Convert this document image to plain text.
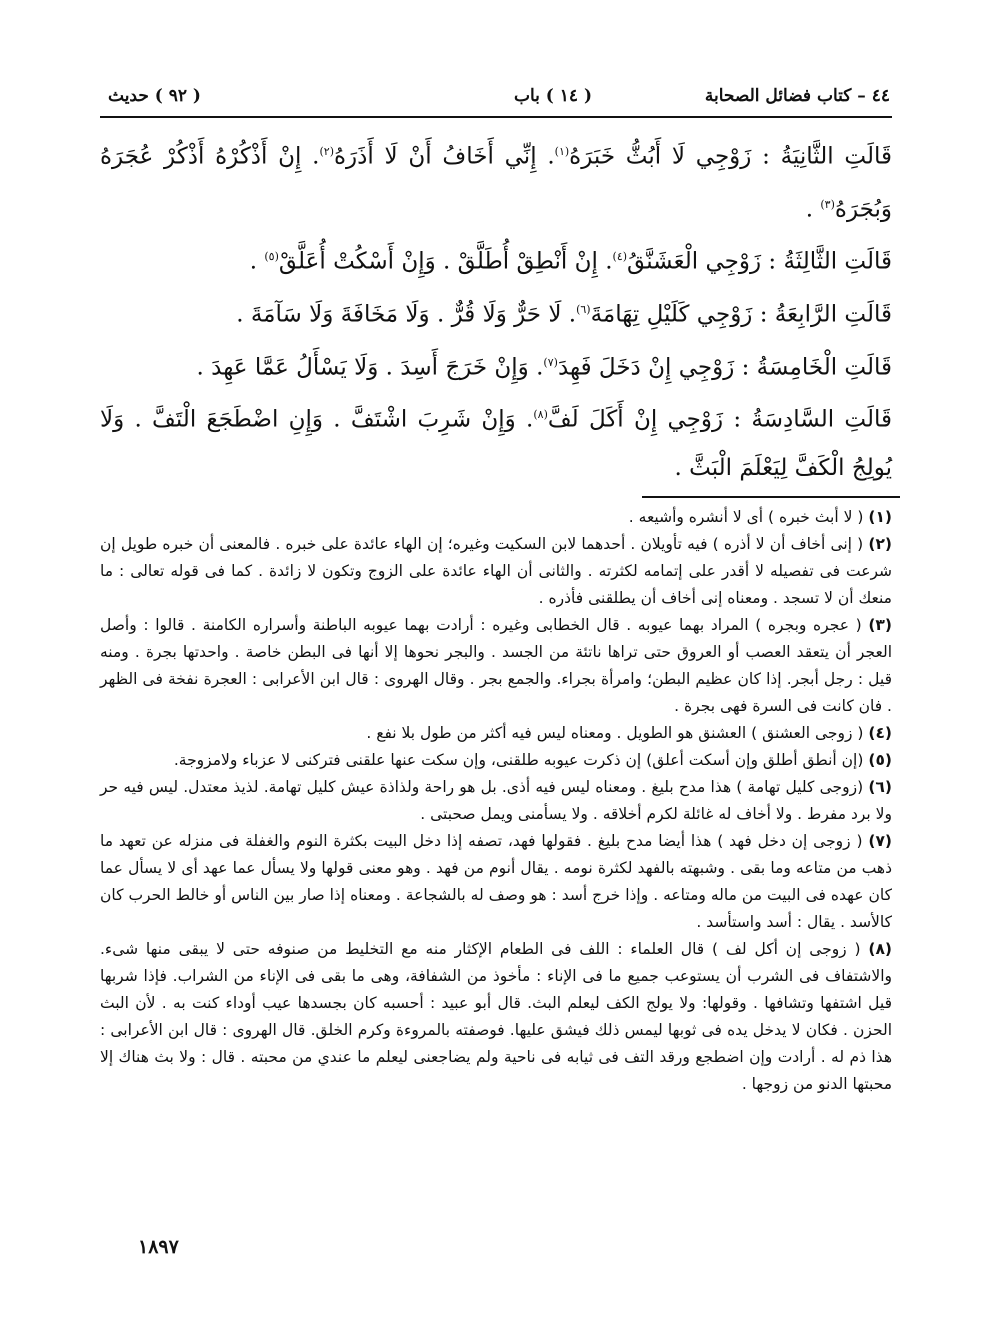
٤٤ – كتاب فضائل الصحابة
( ١٤ ) باب
( ٩٢ ) حديث

قَالَتِ الثَّانِيَةُ : زَوْجِي لَا أَبُثُّ خَبَرَهُ$^{(١)}$. إِنِّي أَخَافُ أَنْ لَا أَذَرَهُ$^{(٢)}$. إِنْ أَذْكُرْهُ أَذْكُرْ عُجَرَهُ وَبُجَرَهُ$^{(٣)}$ .

قَالَتِ الثَّالِثَةُ : زَوْجِي الْعَشَنَّقُ$^{(٤)}$. إِنْ أَنْطِقْ أُطَلَّقْ . وَإِنْ أَسْكُتْ أُعَلَّقْ$^{(٥)}$ .

قَالَتِ الرَّابِعَةُ : زَوْجِي كَلَيْلِ تِهَامَةَ$^{(٦)}$. لَا حَرٌّ وَلَا قُرٌّ . وَلَا مَخَافَةَ وَلَا سَآمَةَ .

قَالَتِ الْخَامِسَةُ : زَوْجِي إِنْ دَخَلَ فَهِدَ$^{(٧)}$. وَإِنْ خَرَجَ أَسِدَ . وَلَا يَسْأَلُ عَمَّا عَهِدَ .

قَالَتِ السَّادِسَةُ : زَوْجِي إِنْ أَكَلَ لَفَّ$^{(٨)}$. وَإِنْ شَرِبَ اشْتَفَّ . وَإِنِ اضْطَجَعَ الْتَفَّ . وَلَا يُولِجُ الْكَفَّ لِيَعْلَمَ الْبَثَّ .

(١) ( لا أبث خبره ) أى لا أنشره وأشيعه .

(٢) ( إنى أخاف أن لا أذره ) فيه تأويلان . أحدهما لابن السكيت وغيره؛ إن الهاء عائدة على خبره . فالمعنى أن خبره طويل إن شرعت فى تفصيله لا أقدر على إتمامه لكثرته . والثانى أن الهاء عائدة على الزوج وتكون لا زائدة . كما فى قوله تعالى : ما منعك أن لا تسجد . ومعناه إنى أخاف أن يطلقنى فأذره .

(٣) ( عجره وبجره ) المراد بهما عيوبه . قال الخطابى وغيره : أرادت بهما عيوبه الباطنة وأسراره الكامنة . قالوا : وأصل العجر أن يتعقد العصب أو العروق حتى تراها ناتئة من الجسد . والبجر نحوها إلا أنها فى البطن خاصة . واحدتها بجرة . ومنه قيل : رجل أبجر. إذا كان عظيم البطن؛ وامرأة بجراء. والجمع بجر . وقال الهروى : قال ابن الأعرابى : العجرة نفخة فى الظهر . فان كانت فى السرة فهى بجرة .

(٤) ( زوجى العشنق ) العشنق هو الطويل . ومعناه ليس فيه أكثر من طول بلا نفع .

(٥) (إن أنطق أطلق وإن أسكت أعلق) إن ذكرت عيوبه طلقنى، وإن سكت عنها علقنى فتركنى لا عزباء ولامزوجة.

(٦) (زوجى كليل تهامة ) هذا مدح بليغ . ومعناه ليس فيه أذى. بل هو راحة ولذاذة عيش كليل تهامة. لذيذ معتدل. ليس فيه حر ولا برد مفرط . ولا أخاف له غائلة لكرم أخلاقه . ولا يسأمنى ويمل صحبتى .

(٧) ( زوجى إن دخل فهد ) هذا أيضا مدح بليغ . فقولها فهد، تصفه إذا دخل البيت بكثرة النوم والغفلة فى منزله عن تعهد ما ذهب من متاعه وما بقى . وشبهته بالفهد لكثرة نومه . يقال أنوم من فهد . وهو معنى قولها ولا يسأل عما عهد أى لا يسأل عما كان عهده فى البيت من ماله ومتاعه . وإذا خرج أسد : هو وصف له بالشجاعة . ومعناه إذا صار بين الناس أو خالط الحرب كان كالأسد . يقال : أسد واستأسد .

(٨) ( زوجى إن أكل لف ) قال العلماء : اللف فى الطعام الإكثار منه مع التخليط من صنوفه حتى لا يبقى منها شىء. والاشتفاف فى الشرب أن يستوعب جميع ما فى الإناء : مأخوذ من الشفافة، وهى ما بقى فى الإناء من الشراب. فإذا شربها قيل اشتفها وتشافها . وقولها: ولا يولج الكف ليعلم البث. قال أبو عبيد : أحسبه كان بجسدها عيب أوداء كنت به . لأن البث الحزن . فكان لا يدخل يده فى ثوبها ليمس ذلك فيشق عليها. فوصفته بالمروءة وكرم الخلق. قال الهروى : قال ابن الأعرابى : هذا ذم له . أرادت وإن اضطجع ورقد التف فى ثيابه فى ناحية ولم يضاجعنى ليعلم ما عندي من محبته . قال : ولا بث هناك إلا محبتها الدنو من زوجها .

١٨٩٧
